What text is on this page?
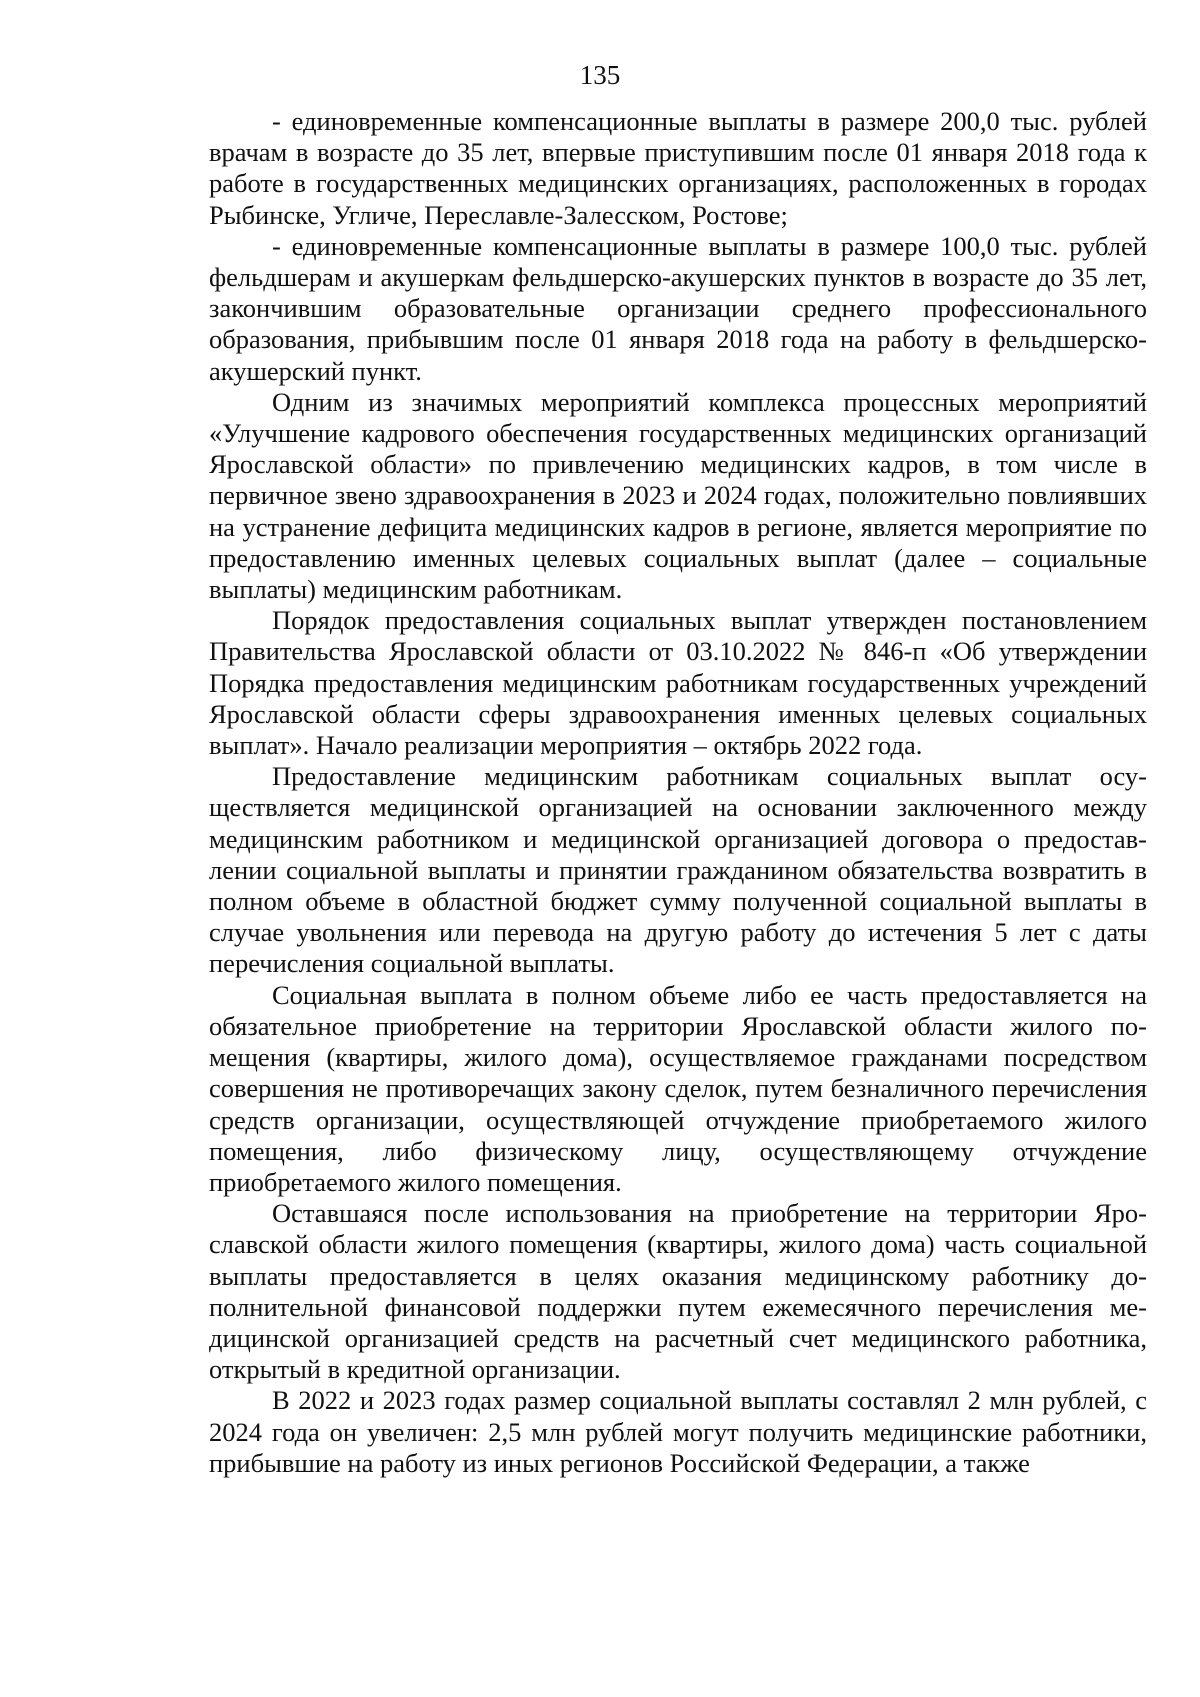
135

- единовременные компенсационные выплаты в размере 200,0 тыс. рублей врачам в возрасте до 35 лет, впервые приступившим после 01 января 2018 года к работе в государственных медицинских организациях, расположенных в городах Рыбинске, Угличе, Переславле-Залесском, Ростове;

- единовременные компенсационные выплаты в размере 100,0 тыс. рублей фельдшерам и акушеркам фельдшерско-акушерских пунктов в возрасте до 35 лет, закончившим образовательные организации среднего профессионального образования, прибывшим после 01 января 2018 года на работу в фельдшерско-акушерский пункт.

Одним из значимых мероприятий комплекса процессных мероприятий «Улучшение кадрового обеспечения государственных медицинских организаций Ярославской области» по привлечению медицинских кадров, в том числе в первичное звено здравоохранения в 2023 и 2024 годах, положительно повлиявших на устранение дефицита медицинских кадров в регионе, является мероприятие по предоставлению именных целевых социальных выплат (далее – социальные выплаты) медицинским работникам.

Порядок предоставления социальных выплат утвержден постановлением Правительства Ярославской области от 03.10.2022 № 846-п «Об утверждении Порядка предоставления медицинским работникам государственных учреждений Ярославской области сферы здравоохранения именных целевых социальных выплат». Начало реализации мероприятия – октябрь 2022 года.

Предоставление медицинским работникам социальных выплат осуществляется медицинской организацией на основании заключенного между медицинским работником и медицинской организацией договора о предоставлении социальной выплаты и принятии гражданином обязательства возвратить в полном объеме в областной бюджет сумму полученной социальной выплаты в случае увольнения или перевода на другую работу до истечения 5 лет с даты перечисления социальной выплаты.

Социальная выплата в полном объеме либо ее часть предоставляется на обязательное приобретение на территории Ярославской области жилого помещения (квартиры, жилого дома), осуществляемое гражданами посредством совершения не противоречащих закону сделок, путем безналичного перечисления средств организации, осуществляющей отчуждение приобретаемого жилого помещения, либо физическому лицу, осуществляющему отчуждение приобретаемого жилого помещения.

Оставшаяся после использования на приобретение на территории Ярославской области жилого помещения (квартиры, жилого дома) часть социальной выплаты предоставляется в целях оказания медицинскому работнику дополнительной финансовой поддержки путем ежемесячного перечисления медицинской организацией средств на расчетный счет медицинского работника, открытый в кредитной организации.

В 2022 и 2023 годах размер социальной выплаты составлял 2 млн рублей, с 2024 года он увеличен: 2,5 млн рублей могут получить медицинские работники, прибывшие на работу из иных регионов Российской Федерации, а также
